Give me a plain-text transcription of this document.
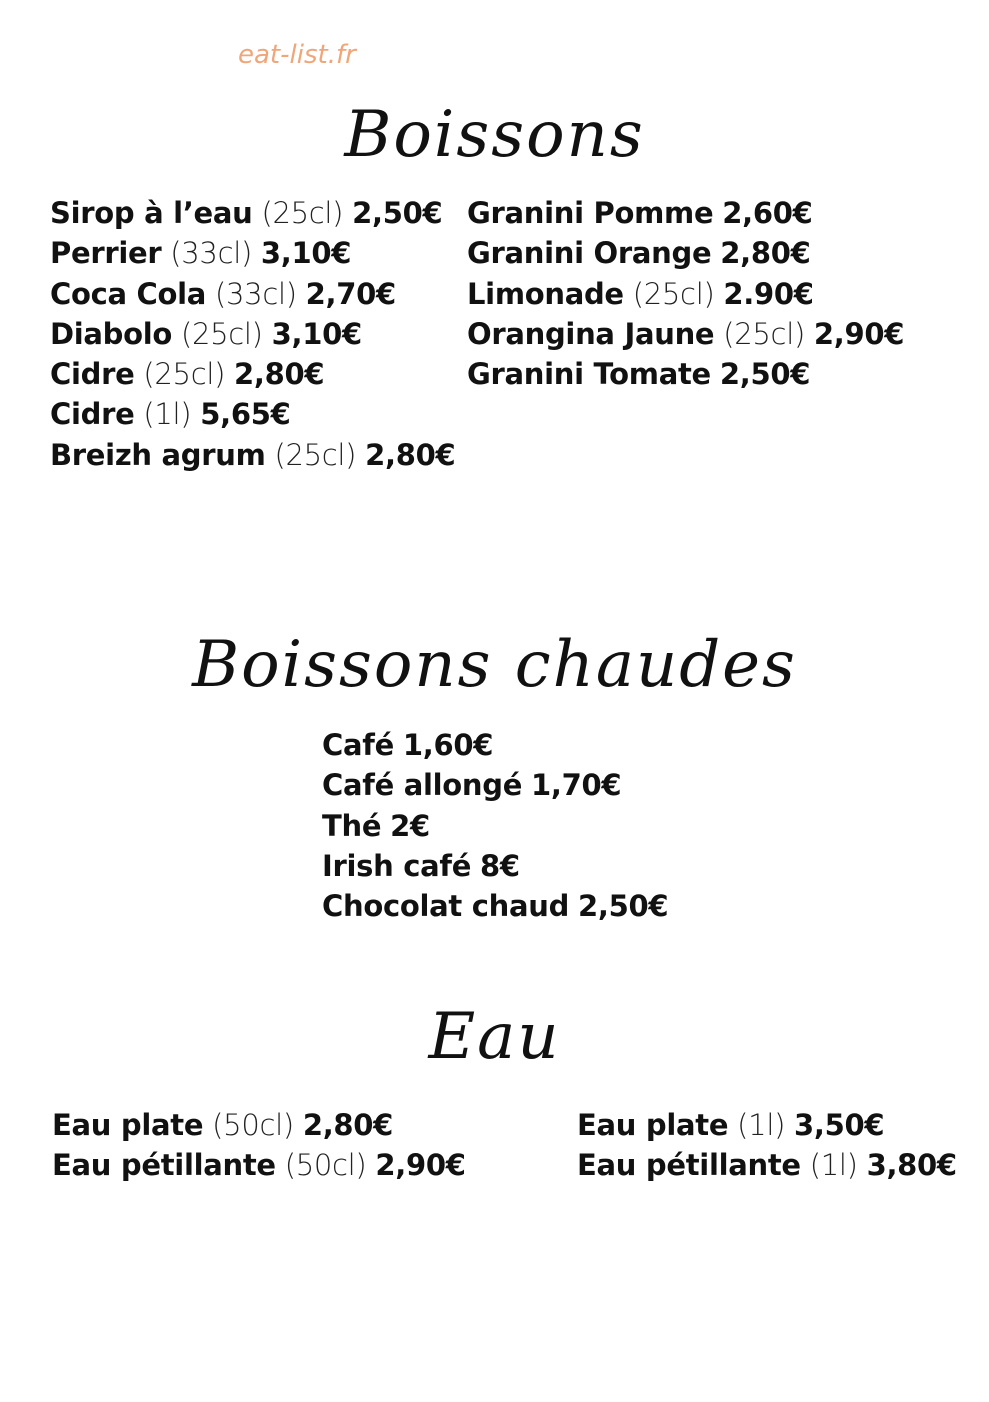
eat-list.fr
Boissons
Sirop à l’eau (25cl) 2,50€
Perrier (33cl) 3,10€
Coca Cola (33cl) 2,70€
Diabolo (25cl) 3,10€
Cidre (25cl) 2,80€
Cidre (1l) 5,65€
Breizh agrum (25cl) 2,80€
Granini Pomme 2,60€
Granini Orange 2,80€
Limonade (25cl) 2.90€
Orangina Jaune (25cl) 2,90€
Granini Tomate 2,50€
Boissons chaudes
Café 1,60€
Café allongé 1,70€
Thé 2€
Irish café 8€
Chocolat chaud 2,50€
Eau
Eau plate (50cl) 2,80€
Eau pétillante (50cl) 2,90€
Eau plate (1l) 3,50€
Eau pétillante (1l) 3,80€
